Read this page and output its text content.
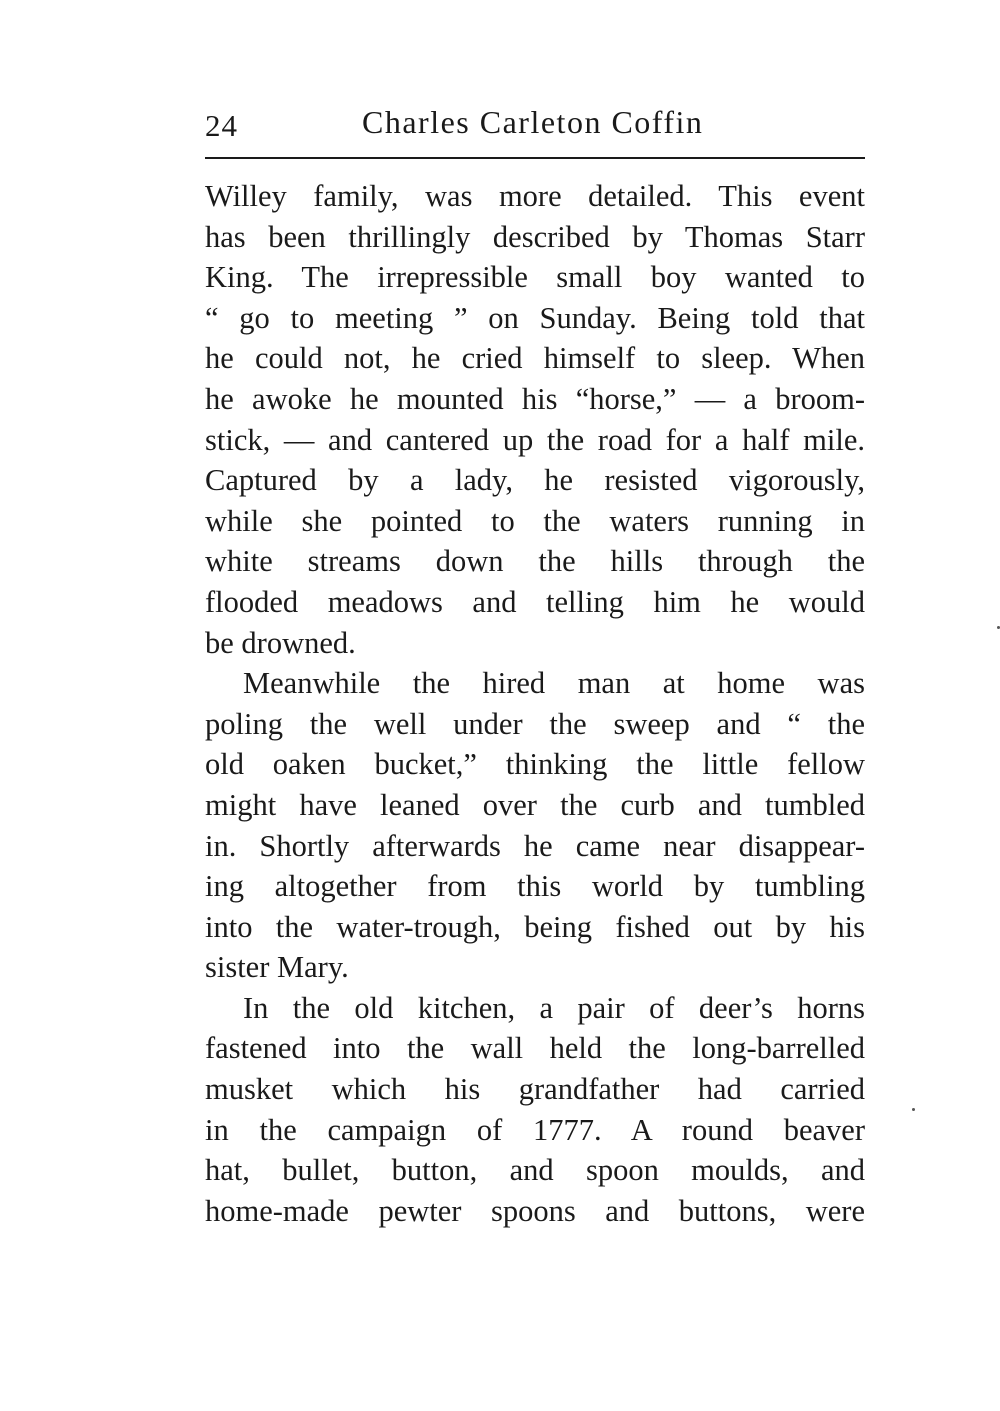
24	Charles Carleton Coffin
Willey family, was more detailed. This event
has been thrillingly described by Thomas Starr
King. The irrepressible small boy wanted to
“ go to meeting ” on Sunday. Being told that
he could not, he cried himself to sleep. When
he awoke he mounted his “horse,” — a broom-
stick, — and cantered up the road for a half mile.
Captured by a lady, he resisted vigorously,
while she pointed to the waters running in
white streams down the hills through the
flooded meadows and telling him he would
be drowned.
Meanwhile the hired man at home was
poling the well under the sweep and “ the
old oaken bucket,” thinking the little fellow
might have leaned over the curb and tumbled
in. Shortly afterwards he came near disappear-
ing altogether from this world by tumbling
into the water-trough, being fished out by his
sister Mary.
In the old kitchen, a pair of deer’s horns
fastened into the wall held the long-barrelled
musket which his grandfather had carried
in the campaign of 1777. A round beaver
hat, bullet, button, and spoon moulds, and
home-made pewter spoons and buttons, were
